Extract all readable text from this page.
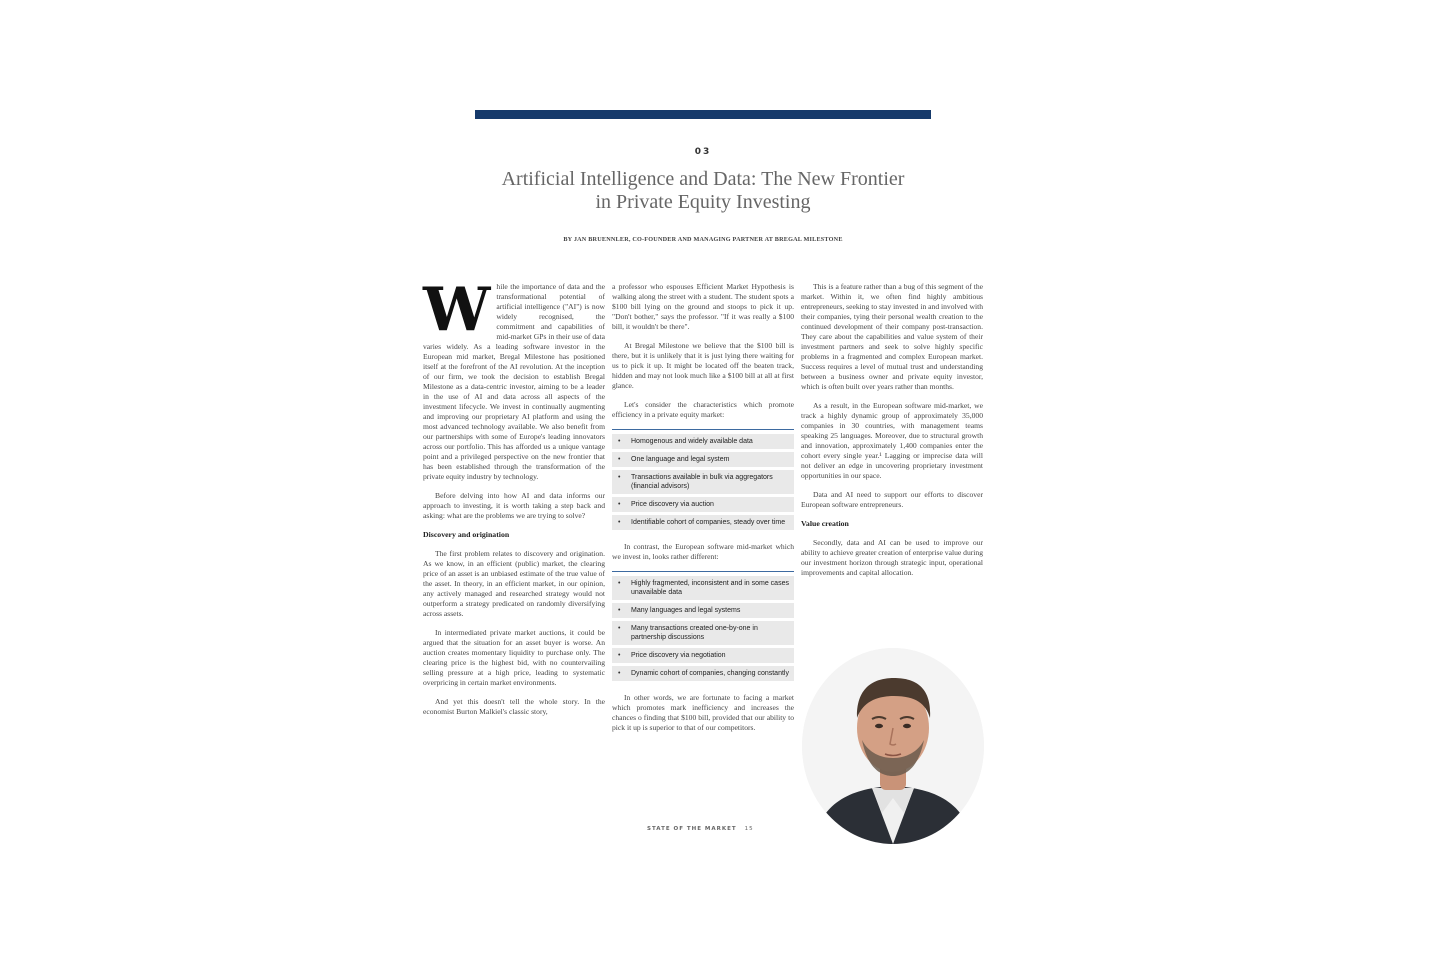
03
Artificial Intelligence and Data: The New Frontier in Private Equity Investing
BY JAN BRUENNLER, CO-FOUNDER AND MANAGING PARTNER AT BREGAL MILESTONE

While the importance of data and the transformational potential of artificial intelligence ("AI") is now widely recognised, the commitment and capabilities of mid-market GPs in their use of data varies widely. As a leading software investor in the European mid market, Bregal Milestone has positioned itself at the forefront of the AI revolution. At the inception of our firm, we took the decision to establish Bregal Milestone as a data-centric investor, aiming to be a leader in the use of AI and data across all aspects of the investment lifecycle. We invest in continually augmenting and improving our proprietary AI platform and using the most advanced technology available. We also benefit from our partnerships with some of Europe's leading innovators across our portfolio. This has afforded us a unique vantage point and a privileged perspective on the new frontier that has been established through the transformation of the private equity industry by technology.

Before delving into how AI and data informs our approach to investing, it is worth taking a step back and asking: what are the problems we are trying to solve?

Discovery and origination

The first problem relates to discovery and origination. As we know, in an efficient (public) market, the clearing price of an asset is an unbiased estimate of the true value of the asset. In theory, in an efficient market, in our opinion, any actively managed and researched strategy would not outperform a strategy predicated on randomly diversifying across assets.

In intermediated private market auctions, it could be argued that the situation for an asset buyer is worse. An auction creates momentary liquidity to purchase only. The clearing price is the highest bid, with no countervailing selling pressure at a high price, leading to systematic overpricing in certain market environments.

And yet this doesn't tell the whole story. In the economist Burton Malkiel's classic story,

a professor who espouses Efficient Market Hypothesis is walking along the street with a student. The student spots a $100 bill lying on the ground and stoops to pick it up. "Don't bother," says the professor. "If it was really a $100 bill, it wouldn't be there".

At Bregal Milestone we believe that the $100 bill is there, but it is unlikely that it is just lying there waiting for us to pick it up. It might be located off the beaten track, hidden and may not look much like a $100 bill at all at first glance.

Let's consider the characteristics which promote efficiency in a private equity market:

• Homogenous and widely available data
• One language and legal system
• Transactions available in bulk via aggregators (financial advisors)
• Price discovery via auction
• Identifiable cohort of companies, steady over time

In contrast, the European software mid-market which we invest in, looks rather different:

• Highly fragmented, inconsistent and in some cases unavailable data
• Many languages and legal systems
• Many transactions created one-by-one in partnership discussions
• Price discovery via negotiation
• Dynamic cohort of companies, changing constantly

In other words, we are fortunate to facing a market which promotes mark inefficiency and increases the chances o finding that $100 bill, provided that our ability to pick it up is superior to that of our competitors.

This is a feature rather than a bug of this segment of the market. Within it, we often find highly ambitious entrepreneurs, seeking to stay invested in and involved with their companies, tying their personal wealth creation to the continued development of their company post-transaction. They care about the capabilities and value system of their investment partners and seek to solve highly specific problems in a fragmented and complex European market. Success requires a level of mutual trust and understanding between a business owner and private equity investor, which is often built over years rather than months.

As a result, in the European software mid-market, we track a highly dynamic group of approximately 35,000 companies in 30 countries, with management teams speaking 25 languages. Moreover, due to structural growth and innovation, approximately 1,400 companies enter the cohort every single year.¹ Lagging or imprecise data will not deliver an edge in uncovering proprietary investment opportunities in our space.

Data and AI need to support our efforts to discover European software entrepreneurs.

Value creation

Secondly, data and AI can be used to improve our ability to achieve greater creation of enterprise value during our investment horizon through strategic input, operational improvements and capital allocation.

STATE OF THE MARKET 15
